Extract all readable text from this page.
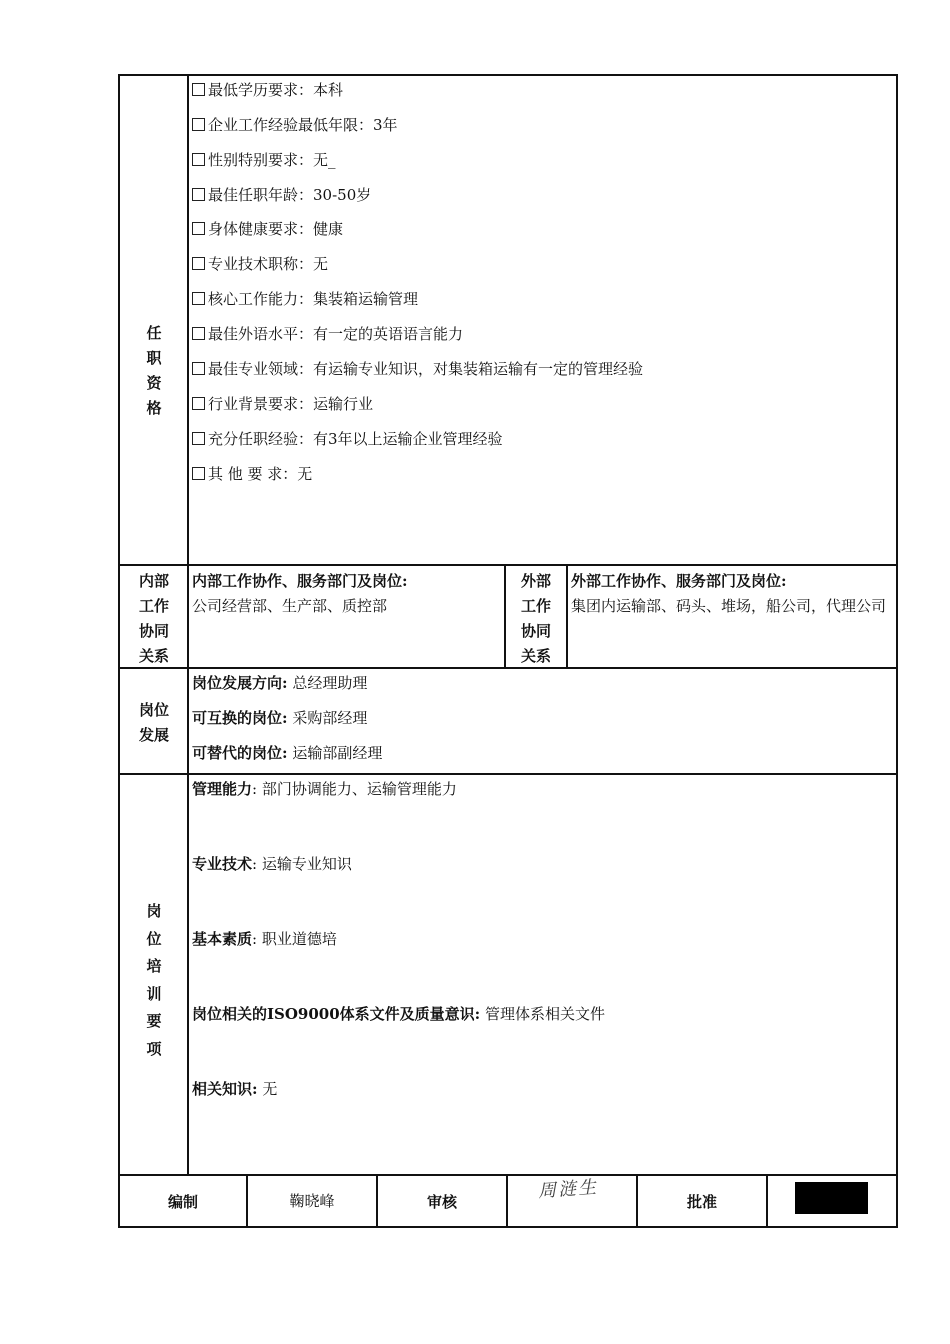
任职资格
最低学历要求：本科
企业工作经验最低年限：3年
性别特别要求：无_
最佳任职年龄：30-50岁
身体健康要求：健康
专业技术职称：无
核心工作能力：集装箱运输管理
最佳外语水平：有一定的英语语言能力
最佳专业领域：有运输专业知识，对集装箱运输有一定的管理经验
行业背景要求：运输行业
充分任职经验：有3年以上运输企业管理经验
其 他 要 求：无
内部工作协同关系
内部工作协作、服务部门及岗位:
公司经营部、生产部、质控部
外部工作协同关系
外部工作协作、服务部门及岗位:
集团内运输部、码头、堆场，船公司，代理公司
岗位发展
岗位发展方向: 总经理助理
可互换的岗位: 采购部经理
可替代的岗位: 运输部副经理
岗位培训要项
管理能力: 部门协调能力、运输管理能力
专业技术: 运输专业知识
基本素质: 职业道德培
岗位相关的ISO9000体系文件及质量意识: 管理体系相关文件
相关知识: 无
编制	鞠晓峰	审核	周涟生	批准
